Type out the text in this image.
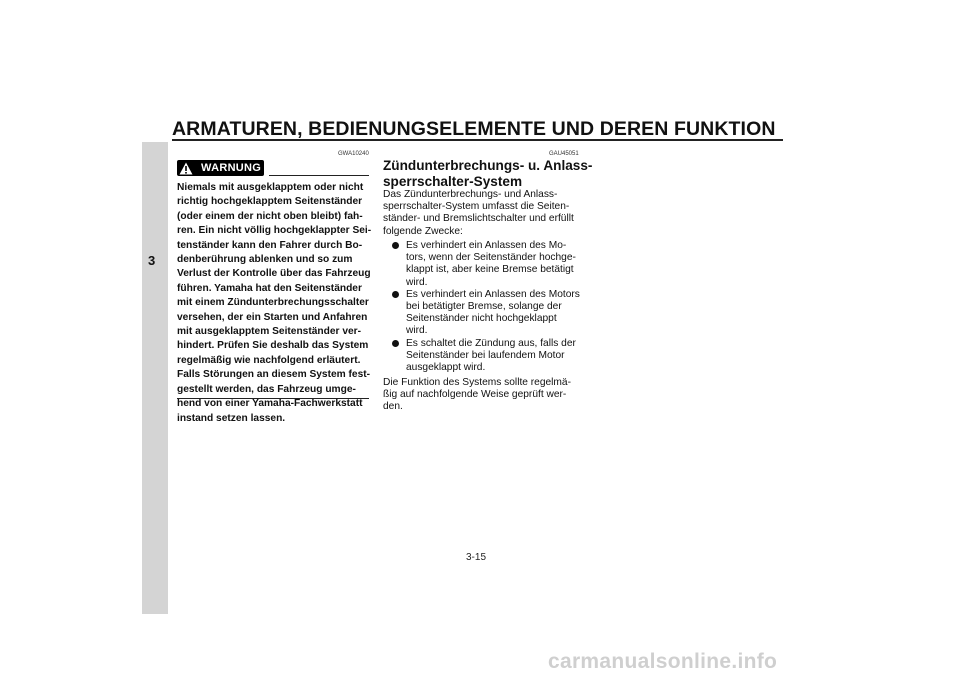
ARMATUREN, BEDIENUNGSELEMENTE UND DEREN FUNKTION
3
GWA10240
WARNUNG
Niemals mit ausgeklapptem oder nicht
richtig hochgeklapptem Seitenständer
(oder einem der nicht oben bleibt) fah-
ren. Ein nicht völlig hochgeklappter Sei-
tenständer kann den Fahrer durch Bo-
denberührung ablenken und so zum
Verlust der Kontrolle über das Fahrzeug
führen. Yamaha hat den Seitenständer
mit einem Zündunterbrechungsschalter
versehen, der ein Starten und Anfahren
mit ausgeklapptem Seitenständer ver-
hindert. Prüfen Sie deshalb das System
regelmäßig wie nachfolgend erläutert.
Falls Störungen an diesem System fest-
gestellt werden, das Fahrzeug umge-
hend von einer Yamaha-Fachwerkstatt
instand setzen lassen.
GAU45051
Zündunterbrechungs- u. Anlass-
sperrschalter-System
Das Zündunterbrechungs- und Anlass-
sperrschalter-System umfasst die Seiten-
ständer- und Bremslichtschalter und erfüllt
folgende Zwecke:
Es verhindert ein Anlassen des Mo-
tors, wenn der Seitenständer hochge-
klappt ist, aber keine Bremse betätigt
wird.
Es verhindert ein Anlassen des Motors
bei betätigter Bremse, solange der
Seitenständer nicht hochgeklappt
wird.
Es schaltet die Zündung aus, falls der
Seitenständer bei laufendem Motor
ausgeklappt wird.
Die Funktion des Systems sollte regelmä-
ßig auf nachfolgende Weise geprüft wer-
den.
3-15
carmanualsonline.info
